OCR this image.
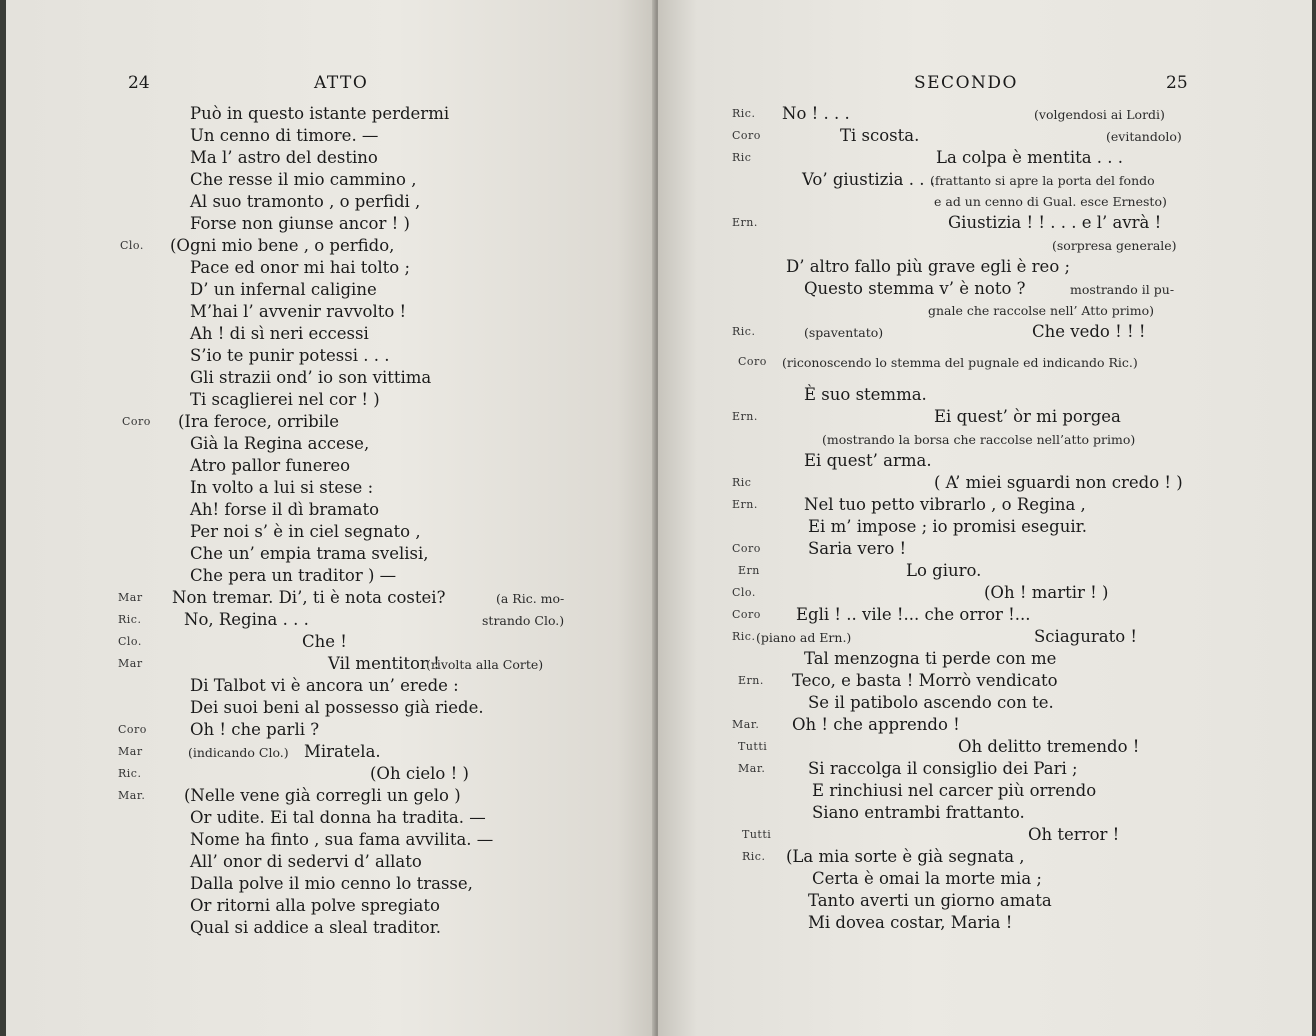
24	ATTO
Può in questo istante perdermi
Un cenno di timore. —
Ma l’ astro del destino
Che resse il mio cammino ,
Al suo tramonto , o perfidi ,
Forse non giunse ancor ! )
Clo. (Ogni mio bene , o perfido,
Pace ed onor mi hai tolto ;
D’ un infernal caligine
M’hai l’ avvenir ravvolto !
Ah ! di sì neri eccessi
S’io te punir potessi . . .
Gli strazii ond’ io son vittima
Ti scaglierei nel cor ! )
Coro (Ira feroce, orribile
Già la Regina accese,
Atro pallor funereo
In volto a lui si stese :
Ah! forse il dì bramato
Per noi s’ è in ciel segnato ,
Che un’ empia trama svelisi,
Che pera un traditor ) —
Mar Non tremar. Di’, ti è nota costei?	(a Ric. mo-
Ric.	No, Regina . . .	strando Clo.)
Clo.	Che !
Mar	Vil mentitor !
(rivolta alla Corte)
Di Talbot vi è ancora un’ erede :
Dei suoi beni al possesso già riede.
Coro	Oh ! che parli ?
Mar	Miratela.
(indicando Clo.)
Ric.	(Oh cielo ! )
Mar. (Nelle vene già corregli un gelo )
Or udite. Ei tal donna ha tradita. —
Nome ha finto , sua fama avvilita. —
All’ onor di sedervi d’ allato
Dalla polve il mio cenno lo trasse,
Or ritorni alla polve spregiato
Qual si addice a sleal traditor.
SECONDO	25
Ric. No ! . . .	(volgendosi ai Lordi)
Coro	Ti scosta.	(evitandolo)
Ric	La colpa è mentita . . .
Vo’ giustizia . . .
(frattanto si apre la porta del fondo
e ad un cenno di Gual. esce Ernesto)
Ern.	Giustizia ! ! . . . e l’ avrà !
(sorpresa generale)
D’ altro fallo più grave egli è reo ;
Questo stemma v’ è noto ?	mostrando il pu-
gnale che raccolse nell’ Atto primo)
Ric.	Che vedo ! ! !
(spaventato)
Coro (riconoscendo lo stemma del pugnale ed indicando Ric.)
È suo stemma.
Ern.	Ei quest’ òr mi porgea
(mostrando la borsa che raccolse nell’atto primo)
Ei quest’ arma.
Ric	( A’ miei sguardi non credo ! )
Ern.	Nel tuo petto vibrarlo , o Regina ,
Ei m’ impose ; io promisi eseguir.
Coro	Saria vero !
Ern	Lo giuro.
Clo.	(Oh ! martir ! )
Coro Egli ! .. vile !... che orror !...
Ric.	Sciagurato !
(piano ad Ern.)
Tal menzogna ti perde con me
Ern. Teco, e basta ! Morrò vendicato
Se il patibolo ascendo con te.
Mar. Oh ! che apprendo !
Tutti	Oh delitto tremendo !
Mar.	Si raccolga il consiglio dei Pari ;
E rinchiusi nel carcer più orrendo
Siano entrambi frattanto.
Tutti	Oh terror !
Ric. (La mia sorte è già segnata ,
Certa è omai la morte mia ;
Tanto averti un giorno amata
Mi dovea costar, Maria !
